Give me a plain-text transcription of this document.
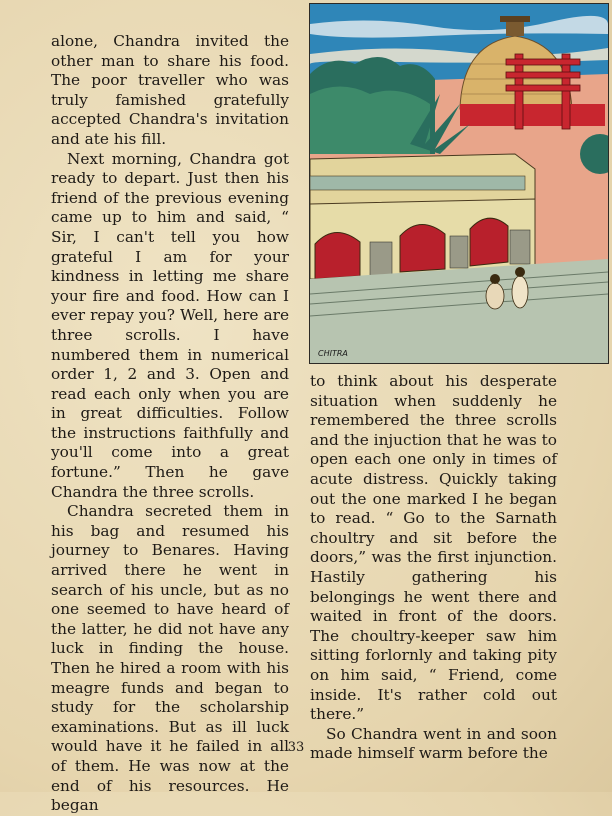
alone, Chandra invited the other man to share his food. The poor traveller who was truly famished gratefully accepted Chandra's invitation and ate his fill.

Next morning, Chandra got ready to depart. Just then his friend of the previous evening came up to him and said, “ Sir, I can't tell you how grateful I am for your kindness in letting me share your fire and food. How can I ever repay you? Well, here are three scrolls. I have numbered them in numerical order 1, 2 and 3. Open and read each only when you are in great difficulties. Follow the instructions faithfully and you'll come into a great fortune.” Then he gave Chandra the three scrolls.

Chandra secreted them in his bag and resumed his journey to Benares. Having arrived there he went in search of his uncle, but as no one seemed to have heard of the latter, he did not have any luck in finding the house. Then he hired a room with his meagre funds and began to study for the scholarship examinations. But as ill luck would have it he failed in all of them. He was now at the end of his resources. He began

CHITRA

to think about his desperate situation when suddenly he remembered the three scrolls and the injuction that he was to open each one only in times of acute distress. Quickly taking out the one marked I he began to read. “ Go to the Sarnath choultry and sit before the doors,” was the first injunction. Hastily gathering his belongings he went there and waited in front of the doors. The choultry-keeper saw him sitting forlornly and taking pity on him said, “ Friend, come inside. It's rather cold out there.”

So Chandra went in and soon made himself warm before the

33
